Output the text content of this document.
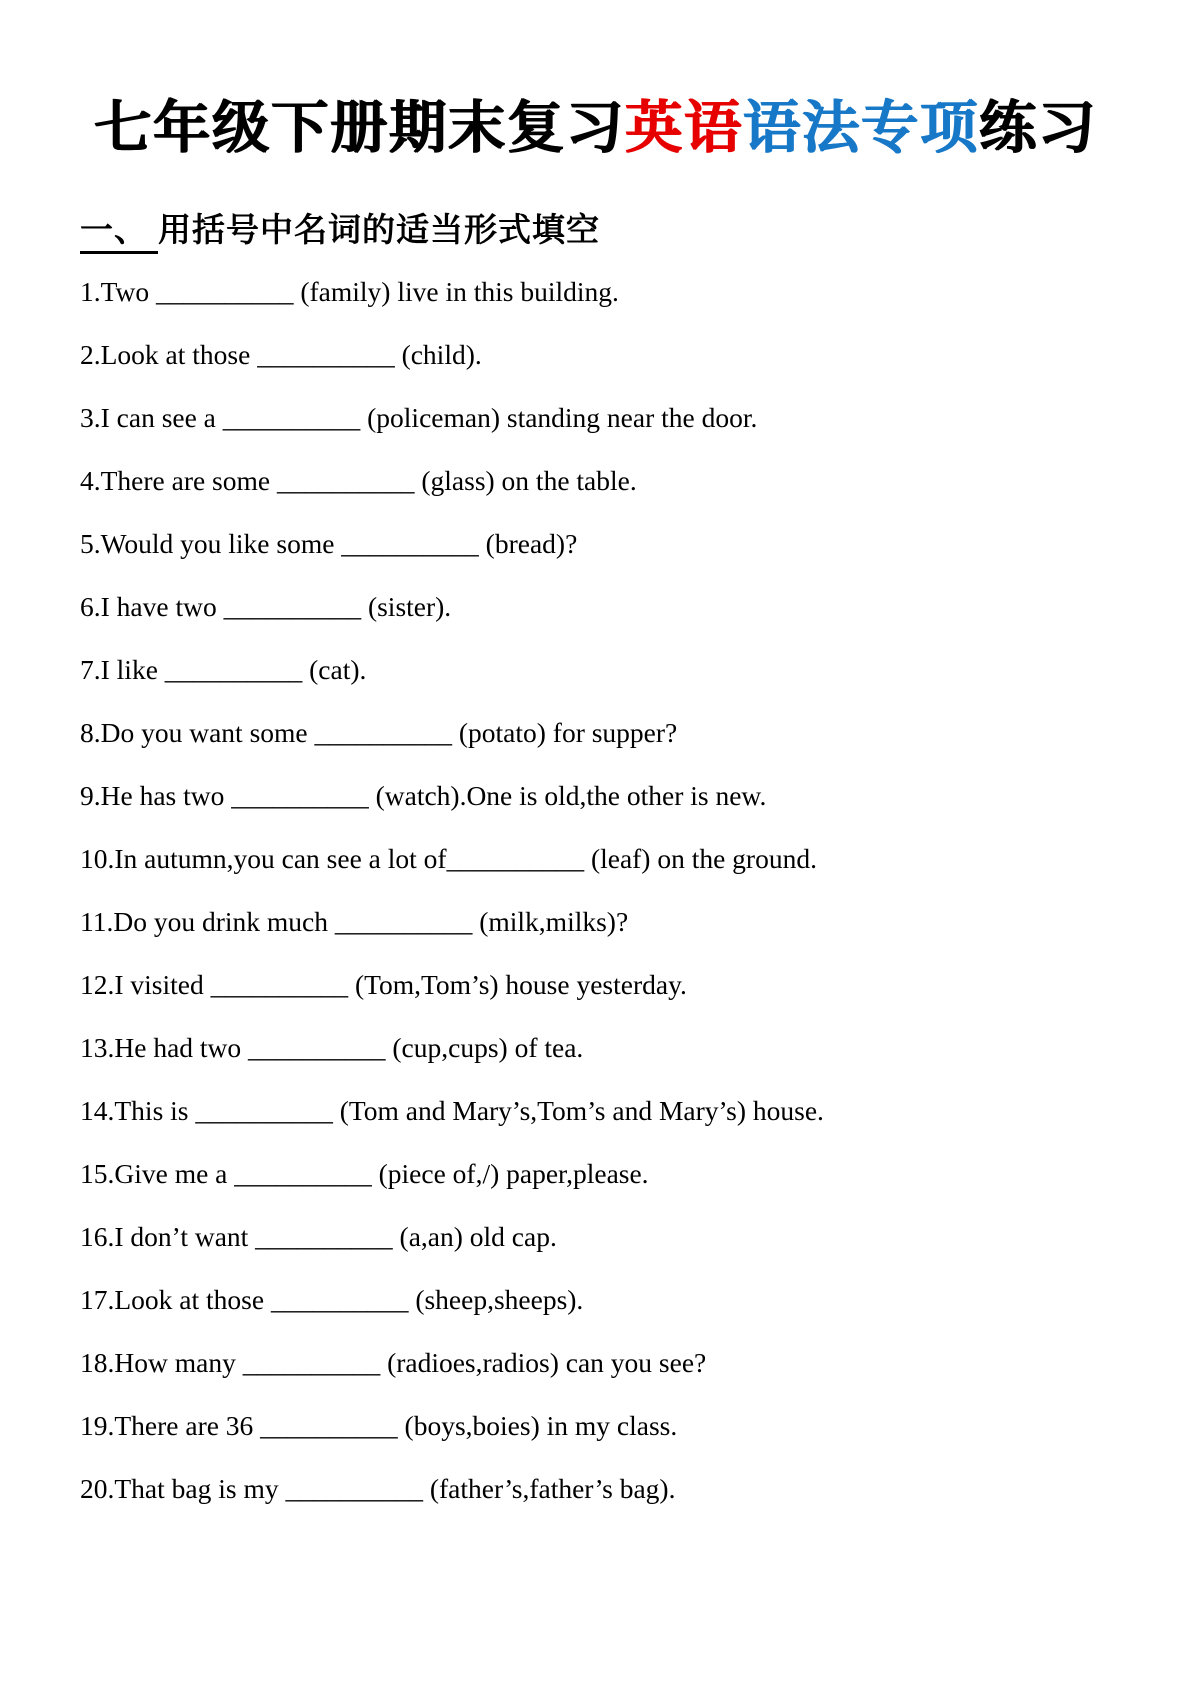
七年级下册期末复习英语语法专项练习
一、 用括号中名词的适当形式填空

1.Two __________ (family) live in this building.

2.Look at those __________ (child).

3.I can see a __________ (policeman) standing near the door.

4.There are some __________ (glass) on the table.

5.Would you like some __________ (bread)?

6.I have two __________ (sister).

7.I like __________ (cat).

8.Do you want some __________ (potato) for supper?

9.He has two __________ (watch).One is old,the other is new.

10.In autumn,you can see a lot of__________ (leaf) on the ground.

11.Do you drink much __________ (milk,milks)?

12.I visited __________ (Tom,Tom’s) house yesterday.

13.He had two __________ (cup,cups) of tea.

14.This is __________ (Tom and Mary’s,Tom’s and Mary’s) house.

15.Give me a __________ (piece of,/) paper,please.

16.I don’t want __________ (a,an) old cap.

17.Look at those __________ (sheep,sheeps).

18.How many __________ (radioes,radios) can you see?

19.There are 36 __________ (boys,boies) in my class.

20.That bag is my __________ (father’s,father’s bag).
